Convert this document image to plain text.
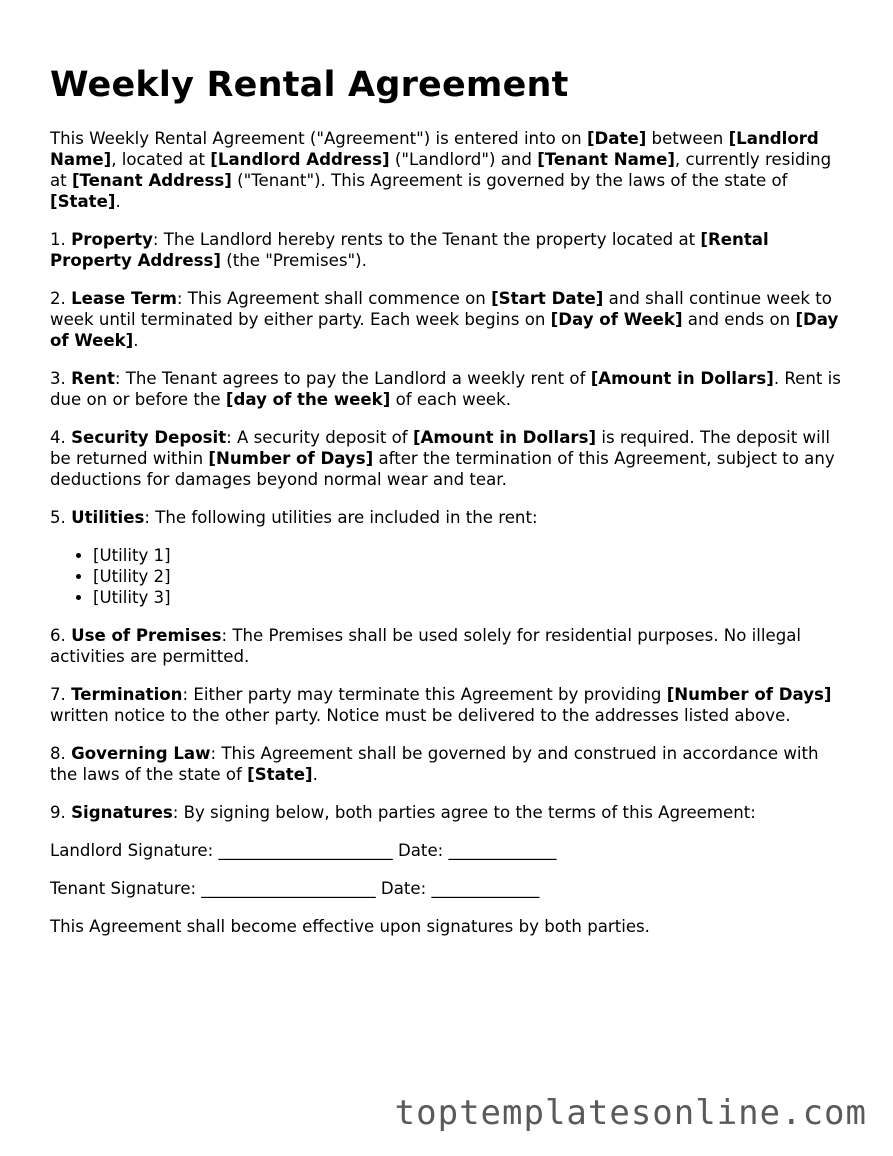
Weekly Rental Agreement

This Weekly Rental Agreement ("Agreement") is entered into on [Date] between [Landlord Name], located at [Landlord Address] ("Landlord") and [Tenant Name], currently residing at [Tenant Address] ("Tenant"). This Agreement is governed by the laws of the state of [State].

1. Property: The Landlord hereby rents to the Tenant the property located at [Rental Property Address] (the "Premises").

2. Lease Term: This Agreement shall commence on [Start Date] and shall continue week to week until terminated by either party. Each week begins on [Day of Week] and ends on [Day of Week].

3. Rent: The Tenant agrees to pay the Landlord a weekly rent of [Amount in Dollars]. Rent is due on or before the [day of the week] of each week.

4. Security Deposit: A security deposit of [Amount in Dollars] is required. The deposit will be returned within [Number of Days] after the termination of this Agreement, subject to any deductions for damages beyond normal wear and tear.

5. Utilities: The following utilities are included in the rent:

• [Utility 1]
• [Utility 2]
• [Utility 3]

6. Use of Premises: The Premises shall be used solely for residential purposes. No illegal activities are permitted.

7. Termination: Either party may terminate this Agreement by providing [Number of Days] written notice to the other party. Notice must be delivered to the addresses listed above.

8. Governing Law: This Agreement shall be governed by and construed in accordance with the laws of the state of [State].

9. Signatures: By signing below, both parties agree to the terms of this Agreement:

Landlord Signature: _____________________ Date: _____________

Tenant Signature: _____________________ Date: _____________

This Agreement shall become effective upon signatures by both parties.

toptemplatesonline.com
